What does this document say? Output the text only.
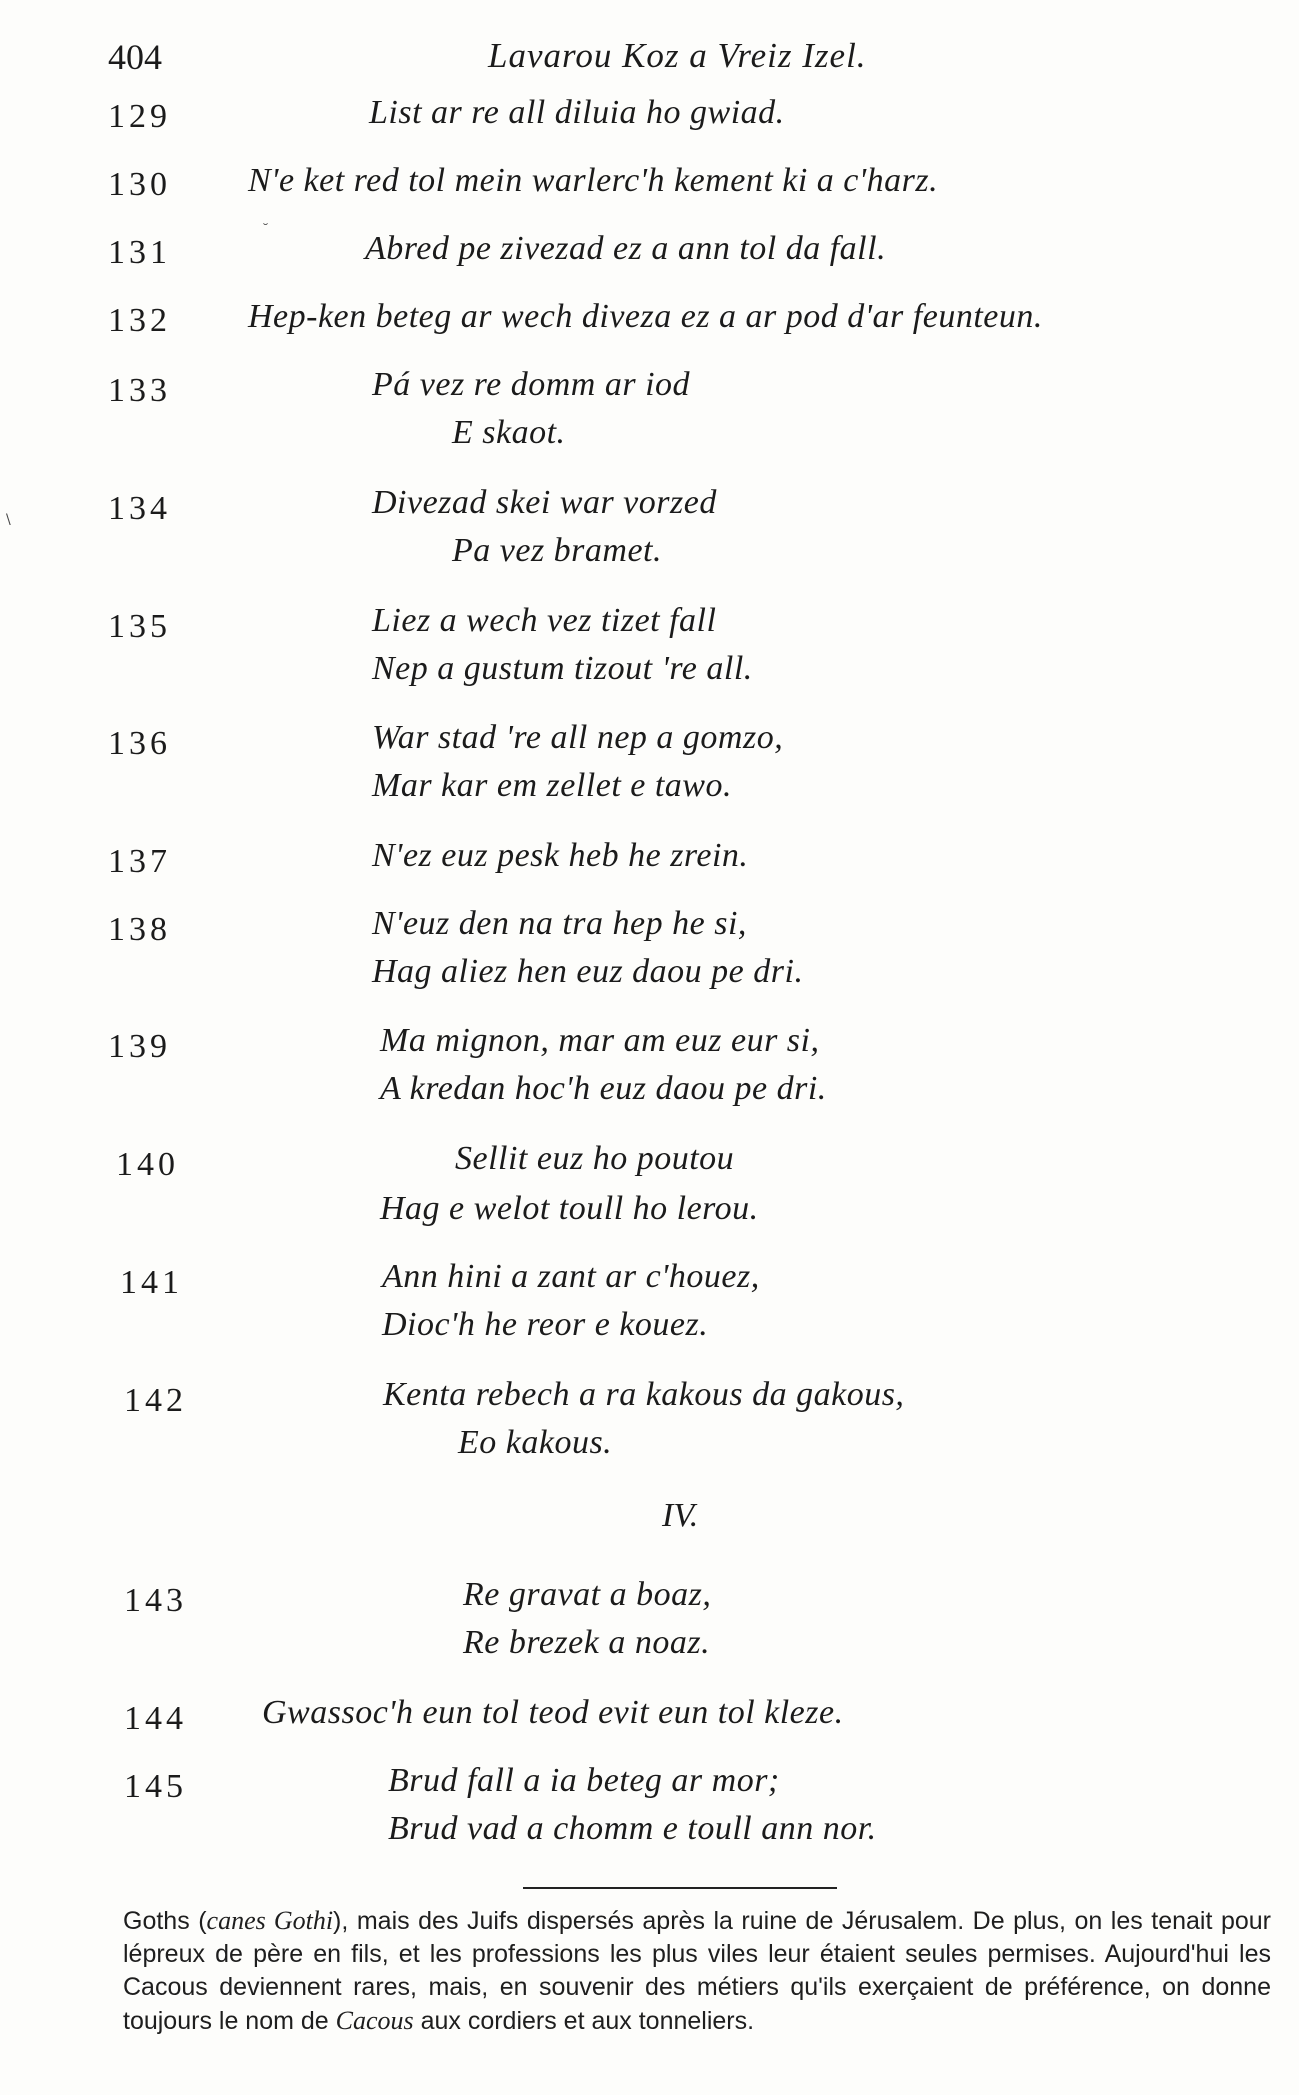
404	Lavarou Koz a Vreiz Izel.
129	List ar re all diluia ho gwiad.
130 N'e ket red tol mein warlerc'h kement ki a c'harz.
131	Abred pe zivezad ez a ann tol da fall.
132 Hep-ken beteg ar wech diveza ez a ar pod d'ar feunteun.
133	Pá vez re domm ar iod
E skaot.
134	Divezad skei war vorzed
Pa vez bramet.
135	Liez a wech vez tizet fall
Nep a gustum tizout 're all.
136	War stad 're all nep a gomzo,
Mar kar em zellet e tawo.
137	N'ez euz pesk heb he zrein.
138	N'euz den na tra hep he si,
Hag aliez hen euz daou pe dri.
139	Ma mignon, mar am euz eur si,
A kredan hoc'h euz daou pe dri.
140	Sellit euz ho poutou
Hag e welot toull ho lerou.
141	Ann hini a zant ar c'houez,
Dioc'h he reor e kouez.
142	Kenta rebech a ra kakous da gakous,
Eo kakous.
143	Re gravat a boaz,
Re brezek a noaz.
144 Gwassoc'h eun tol teod evit eun tol kleze.
145	Brud fall a ia beteg ar mor;
Brud vad a chomm e toull ann nor.
IV.
Goths (canes Gothi), mais des Juifs dispersés après la ruine de Jérusalem. De plus, on les tenait pour lépreux de père en fils, et les professions les plus viles leur étaient seules permises. Aujourd'hui les Cacous deviennent rares, mais, en souvenir des métiers qu'ils exerçaient de préférence, on donne toujours le nom de Cacous aux cordiers et aux tonneliers.
\
˘
